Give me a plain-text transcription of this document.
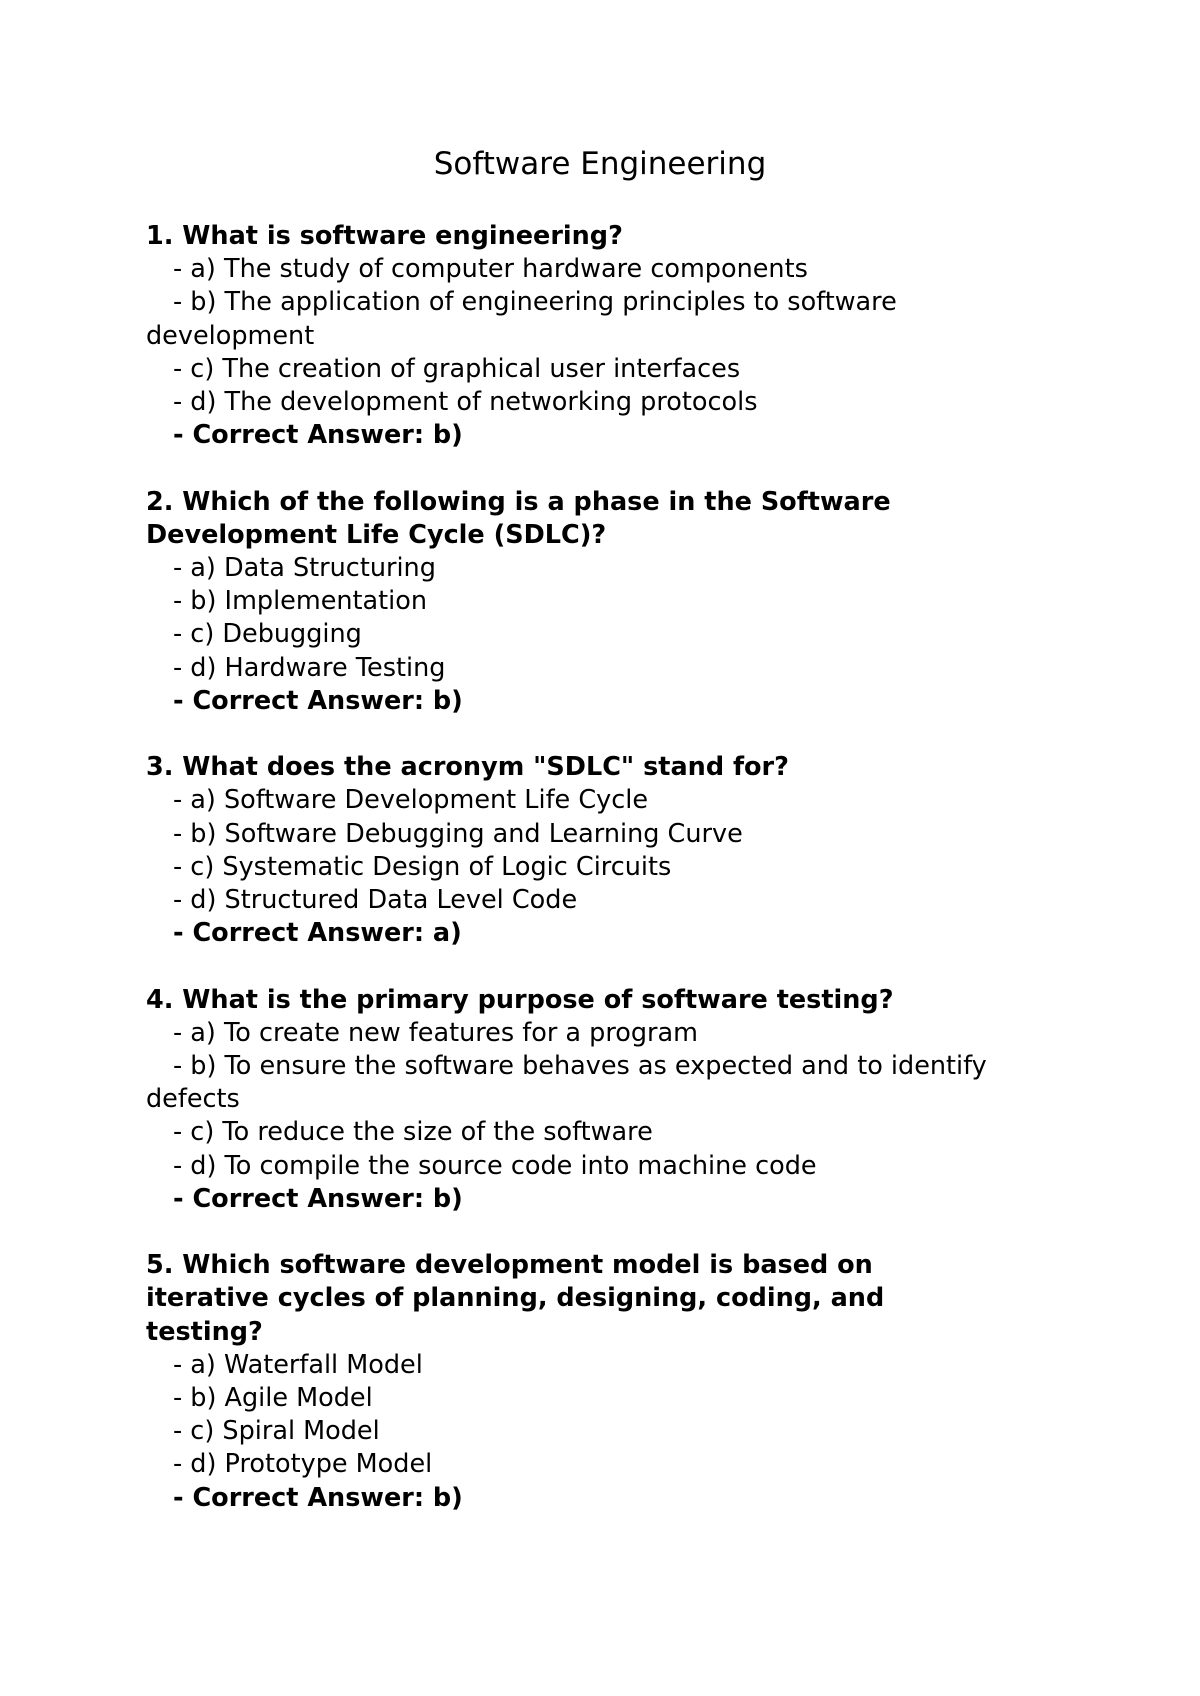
Software Engineering

1. What is software engineering?

- a) The study of computer hardware components

- b) The application of engineering principles to software development

- c) The creation of graphical user interfaces

- d) The development of networking protocols

- Correct Answer: b)

2. Which of the following is a phase in the Software Development Life Cycle (SDLC)?

- a) Data Structuring

- b) Implementation

- c) Debugging

- d) Hardware Testing

- Correct Answer: b)

3. What does the acronym "SDLC" stand for?

- a) Software Development Life Cycle

- b) Software Debugging and Learning Curve

- c) Systematic Design of Logic Circuits

- d) Structured Data Level Code

- Correct Answer: a)

4. What is the primary purpose of software testing?

- a) To create new features for a program

- b) To ensure the software behaves as expected and to identify defects

- c) To reduce the size of the software

- d) To compile the source code into machine code

- Correct Answer: b)

5. Which software development model is based on iterative cycles of planning, designing, coding, and testing?

- a) Waterfall Model

- b) Agile Model

- c) Spiral Model

- d) Prototype Model

- Correct Answer: b)
